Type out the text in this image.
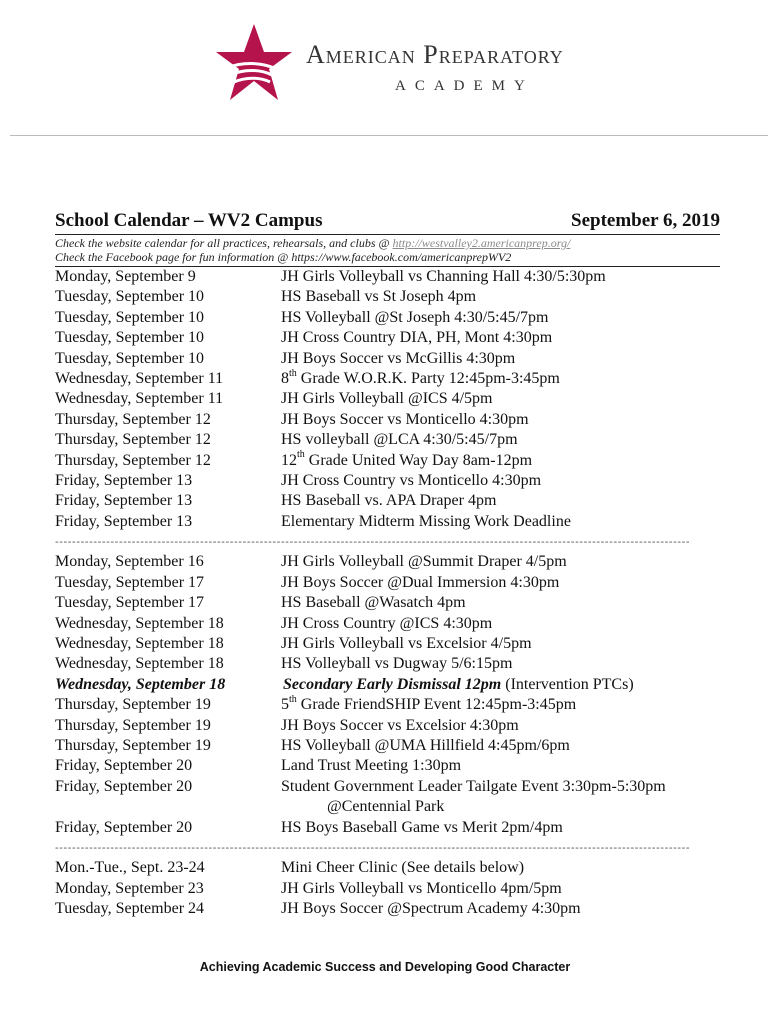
American Preparatory
ACADEMY
School Calendar – WV2 Campus	September 6, 2019
Check the website calendar for all practices, rehearsals, and clubs @ http://westvalley2.americanprep.org/
Check the Facebook page for fun information @ https://www.facebook.com/americanprepWV2
Monday, September 9	JH Girls Volleyball vs Channing Hall 4:30/5:30pm
Tuesday, September 10	HS Baseball vs St Joseph 4pm
Tuesday, September 10	HS Volleyball @St Joseph 4:30/5:45/7pm
Tuesday, September 10	JH Cross Country DIA, PH, Mont 4:30pm
Tuesday, September 10	JH Boys Soccer vs McGillis 4:30pm
Wednesday, September 11	8th Grade W.O.R.K. Party 12:45pm-3:45pm
Wednesday, September 11	JH Girls Volleyball @ICS 4/5pm
Thursday, September 12	JH Boys Soccer vs Monticello 4:30pm
Thursday, September 12	HS volleyball @LCA 4:30/5:45/7pm
Thursday, September 12	12th Grade United Way Day 8am-12pm
Friday, September 13	JH Cross Country vs Monticello 4:30pm
Friday, September 13	HS Baseball vs. APA Draper 4pm
Friday, September 13	Elementary Midterm Missing Work Deadline
-----------------------------------------------------------------------------------------------------------------------------------------------------
Monday, September 16	JH Girls Volleyball @Summit Draper 4/5pm
Tuesday, September 17	JH Boys Soccer @Dual Immersion 4:30pm
Tuesday, September 17	HS Baseball @Wasatch 4pm
Wednesday, September 18	JH Cross Country @ICS 4:30pm
Wednesday, September 18	JH Girls Volleyball vs Excelsior 4/5pm
Wednesday, September 18	HS Volleyball vs Dugway 5/6:15pm
Wednesday, September 18	Secondary Early Dismissal 12pm (Intervention PTCs)
Thursday, September 19	5th Grade FriendSHIP Event 12:45pm-3:45pm
Thursday, September 19	JH Boys Soccer vs Excelsior 4:30pm
Thursday, September 19	HS Volleyball @UMA Hillfield 4:45pm/6pm
Friday, September 20	Land Trust Meeting 1:30pm
Friday, September 20	Student Government Leader Tailgate Event 3:30pm-5:30pm
@Centennial Park
Friday, September 20	HS Boys Baseball Game vs Merit 2pm/4pm
-----------------------------------------------------------------------------------------------------------------------------------------------------
Mon.-Tue., Sept. 23-24	Mini Cheer Clinic (See details below)
Monday, September 23	JH Girls Volleyball vs Monticello 4pm/5pm
Tuesday, September 24	JH Boys Soccer @Spectrum Academy 4:30pm
Achieving Academic Success and Developing Good Character
